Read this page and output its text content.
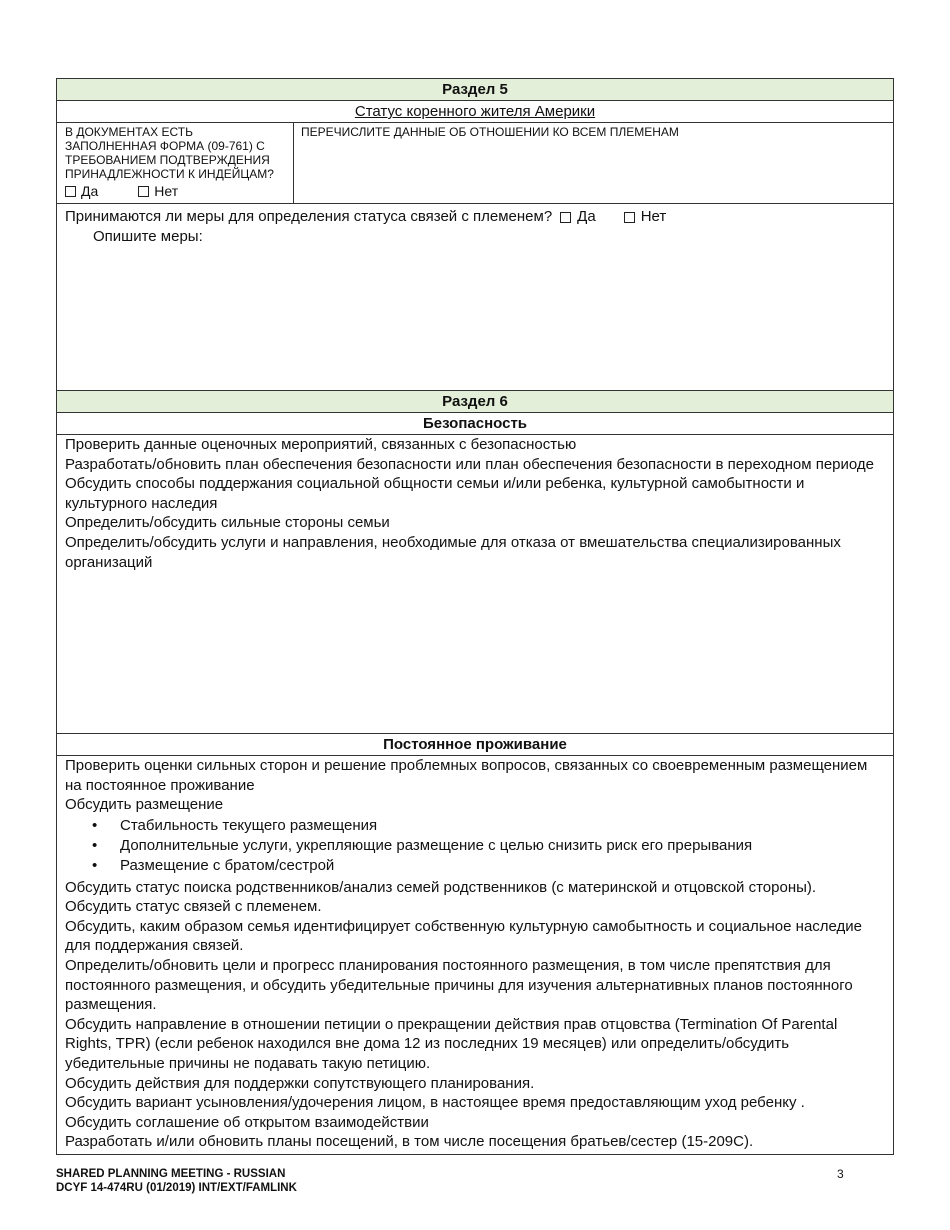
Раздел 5
Статус коренного жителя Америки
В ДОКУМЕНТАХ ЕСТЬ ЗАПОЛНЕННАЯ ФОРМА (09-761) С ТРЕБОВАНИЕМ ПОДТВЕРЖДЕНИЯ ПРИНАДЛЕЖНОСТИ К ИНДЕЙЦАМ?
Да	Нет
ПЕРЕЧИСЛИТЕ ДАННЫЕ ОБ ОТНОШЕНИИ КО ВСЕМ ПЛЕМЕНАМ
Принимаются ли меры для определения статуса связей с племенем? Да	Нет
Опишите меры:
Раздел 6
Безопасность

Проверить данные оценочных мероприятий, связанных с безопасностью

Разработать/обновить план обеспечения безопасности или план обеспечения безопасности в переходном периоде

Обсудить способы поддержания социальной общности семьи и/или ребенка, культурной самобытности и культурного наследия

Определить/обсудить сильные стороны семьи

Определить/обсудить услуги и направления, необходимые для отказа от вмешательства специализированных организаций

Постоянное проживание

Проверить оценки сильных сторон и решение проблемных вопросов, связанных со своевременным размещением на постоянное проживание

Обсудить размещение

• Стабильность текущего размещения
• Дополнительные услуги, укрепляющие размещение с целью снизить риск его прерывания
• Размещение с братом/сестрой

Обсудить статус поиска родственников/анализ семей родственников (с материнской и отцовской стороны).

Обсудить статус связей с племенем.

Обсудить, каким образом семья идентифицирует собственную культурную самобытность и социальное наследие для поддержания связей.

Определить/обновить цели и прогресс планирования постоянного размещения, в том числе препятствия для постоянного размещения, и обсудить убедительные причины для изучения альтернативных планов постоянного размещения.

Обсудить направление в отношении петиции о прекращении действия прав отцовства (Termination Of Parental Rights, TPR) (если ребенок находился вне дома 12 из последних 19 месяцев) или определить/обсудить убедительные причины не подавать такую петицию.

Обсудить действия для поддержки сопутствующего планирования.

Обсудить вариант усыновления/удочерения лицом, в настоящее время предоставляющим уход ребенку .

Обсудить соглашение об открытом взаимодействии

Разработать и/или обновить планы посещений, в том числе посещения братьев/сестер (15-209C).

SHARED PLANNING MEETING - RUSSIAN
DCYF 14-474RU (01/2019) INT/EXT/FAMLINK
3
